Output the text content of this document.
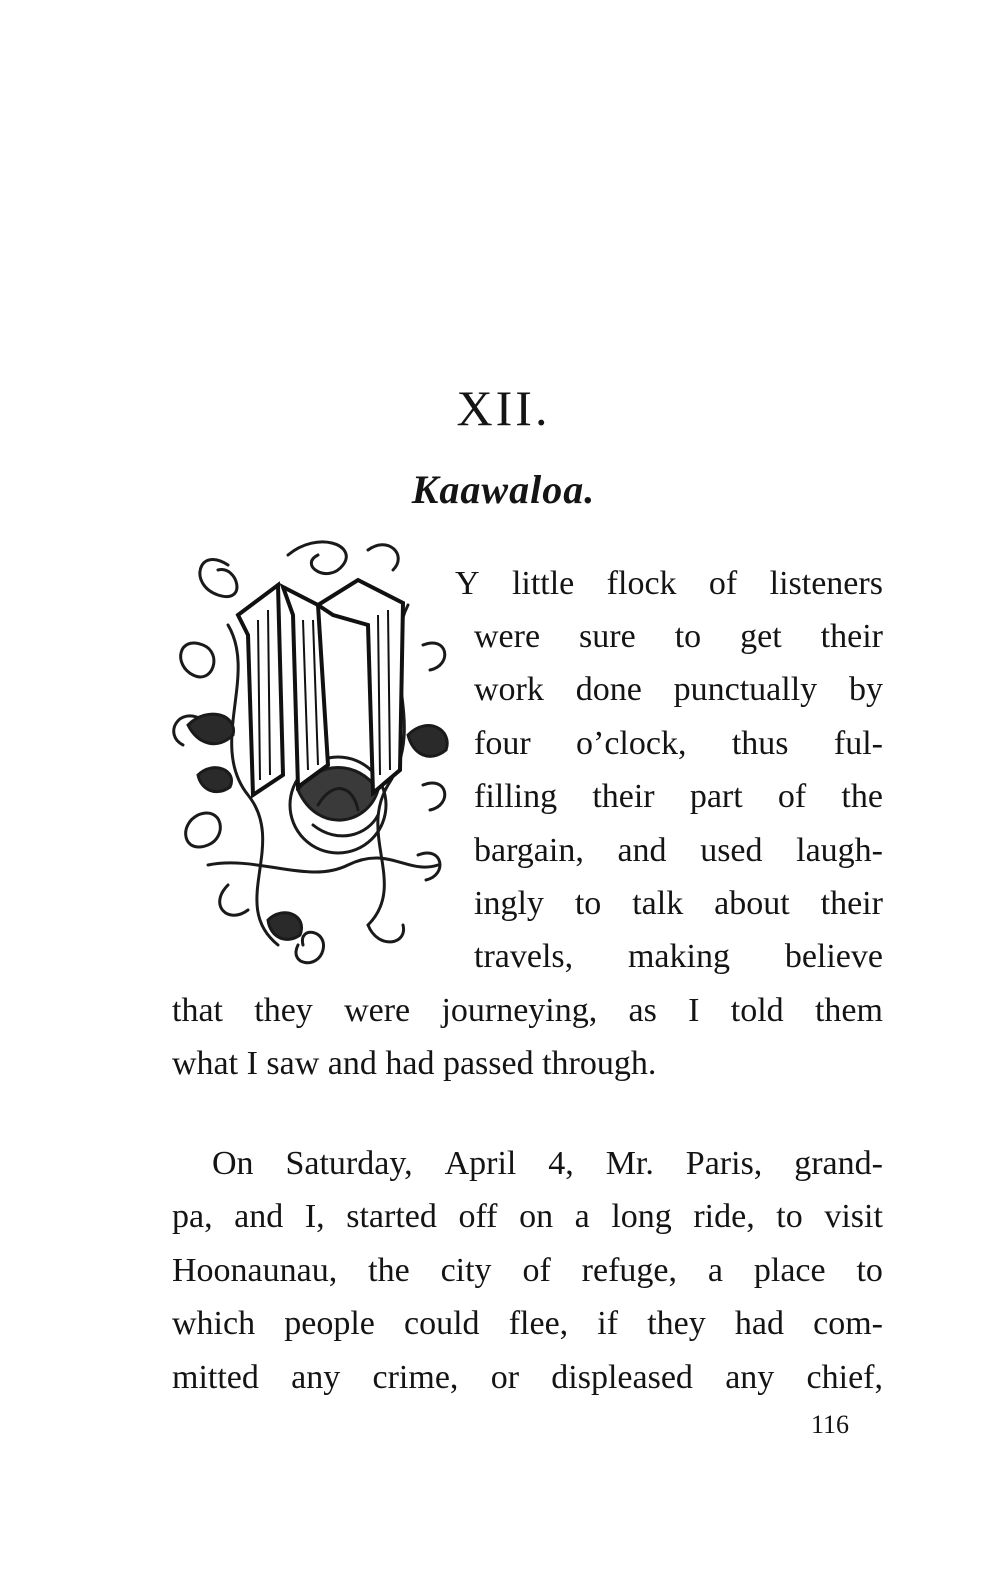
XII.
Kaawaloa.
Y little flock of listeners
were sure to get their
work done punctually by
four o’clock, thus ful-
filling their part of the
bargain, and used laugh-
ingly to talk about their
travels, making believe
that they were journeying, as I told them
what I saw and had passed through.
On Saturday, April 4, Mr. Paris, grand-
pa, and I, started off on a long ride, to visit
Hoonaunau, the city of refuge, a place to
which people could flee, if they had com-
mitted any crime, or displeased any chief,
116
